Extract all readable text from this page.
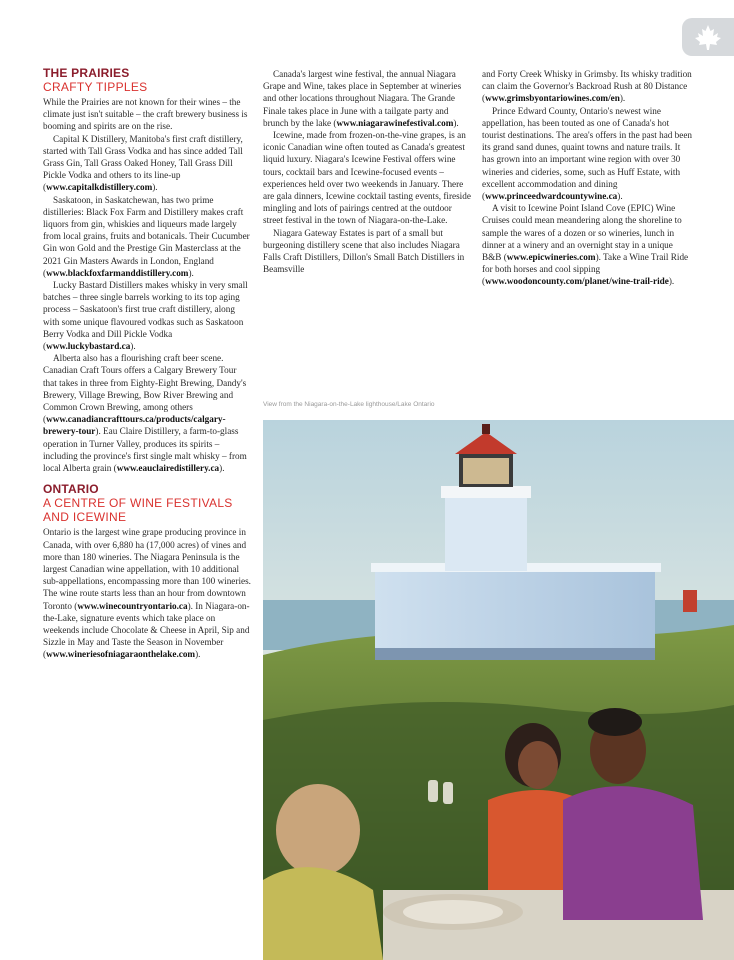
THE PRAIRIES
CRAFTY TIPPLES

While the Prairies are not known for their wines – the climate just isn't suitable – the craft brewery business is booming and spirits are on the rise.

Capital K Distillery, Manitoba's first craft distillery, started with Tall Grass Vodka and has since added Tall Grass Gin, Tall Grass Oaked Honey, Tall Grass Dill Pickle Vodka and others to its line-up (www.capitalkdistillery.com).

Saskatoon, in Saskatchewan, has two prime distilleries: Black Fox Farm and Distillery makes craft liquors from gin, whiskies and liqueurs made largely from local grains, fruits and botanicals. Their Cucumber Gin won Gold and the Prestige Gin Masterclass at the 2021 Gin Masters Awards in London, England (www.blackfoxfarmanddistillery.com).

Lucky Bastard Distillers makes whisky in very small batches – three single barrels working to its top aging process – Saskatoon's first true craft distillery, along with some unique flavoured vodkas such as Saskatoon Berry Vodka and Dill Pickle Vodka (www.luckybastard.ca).

Alberta also has a flourishing craft beer scene. Canadian Craft Tours offers a Calgary Brewery Tour that takes in three from Eighty-Eight Brewing, Dandy's Brewery, Village Brewing, Bow River Brewing and Common Crown Brewing, among others (www.canadiancrafttours.ca/products/calgary-brewery-tour). Eau Claire Distillery, a farm-to-glass operation in Turner Valley, produces its spirits – including the province's first single malt whisky – from local Alberta grain (www.eauclairedistillery.ca).

ONTARIO
A CENTRE OF WINE FESTIVALS AND ICEWINE

Ontario is the largest wine grape producing province in Canada, with over 6,880 ha (17,000 acres) of vines and more than 180 wineries. The Niagara Peninsula is the largest Canadian wine appellation, with 10 additional sub-appellations, encompassing more than 100 wineries. The wine route starts less than an hour from downtown Toronto (www.winecountryontario.ca). In Niagara-on-the-Lake, signature events which take place on weekends include Chocolate & Cheese in April, Sip and Sizzle in May and Taste the Season in November (www.wineriesofniagaraonthelake.com).

Canada's largest wine festival, the annual Niagara Grape and Wine, takes place in September at wineries and other locations throughout Niagara. The Grande Finale takes place in June with a tailgate party and brunch by the lake (www.niagarawinefestival.com).

Icewine, made from frozen-on-the-vine grapes, is an iconic Canadian wine often touted as Canada's greatest liquid luxury. Niagara's Icewine Festival offers wine tours, cocktail bars and Icewine-focused events – experiences held over two weekends in January. There are gala dinners, Icewine cocktail tasting events, fireside mingling and lots of pairings centred at the outdoor street festival in the town of Niagara-on-the-Lake.

Niagara Gateway Estates is part of a small but burgeoning distillery scene that also includes Niagara Falls Craft Distillers, Dillon's Small Batch Distillers in Beamsville

and Forty Creek Whisky in Grimsby. Its whisky tradition can claim the Governor's Backroad Rush at 80 Distance (www.grimsbyontariowines.com/en).

Prince Edward County, Ontario's newest wine appellation, has been touted as one of Canada's hot tourist destinations. The area's offers in the past had been its grand sand dunes, quaint towns and nature trails. It has grown into an important wine region with over 30 wineries and cideries, some, such as Huff Estate, with excellent accommodation and dining (www.princeedwardcountywine.ca).

A visit to Icewine Point Island Cove (EPIC) Wine Cruises could mean meandering along the shoreline to sample the wares of a dozen or so wineries, lunch in dinner at a winery and an overnight stay in a unique B&B (www.epicwineries.com). Take a Wine Trail Ride for both horses and cool sipping (www.woodoncounty.com/planet/wine-trail-ride).

View from the Niagara-on-the-Lake lighthouse/Lake Ontario
